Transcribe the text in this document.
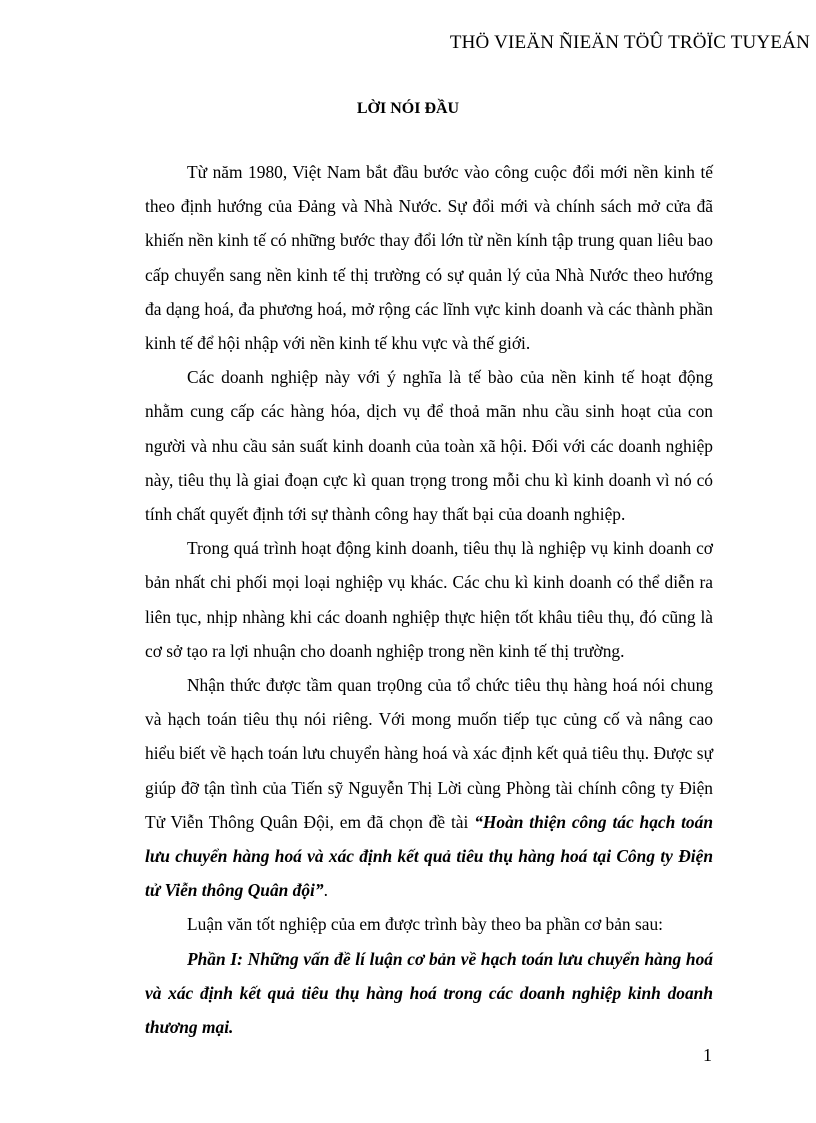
THÖ VIEÄN ÑIEÄN TÖÛ TRÖÏC TUYEÁN
LỜI NÓI ĐẦU

Từ năm 1980, Việt Nam bắt đầu bước vào công cuộc đổi mới nền kinh tế theo định hướng của Đảng và Nhà Nước. Sự đổi mới và chính sách mở cửa đã khiến nền kinh tế có những bước thay đổi lớn từ nền kính tập trung quan liêu bao cấp chuyển sang nền kinh tế thị trường có sự quản lý của Nhà Nước theo hướng đa dạng hoá, đa phương hoá, mở rộng các lĩnh vực kinh doanh và các thành phần kinh tế để hội nhập với nền kinh tế khu vực và thế giới.

Các doanh nghiệp này với ý nghĩa là tế bào của nền kinh tế hoạt động nhằm cung cấp các hàng hóa, dịch vụ để thoả mãn nhu cầu sinh hoạt của con người và nhu cầu sản suất kinh doanh của toàn xã hội. Đối với các doanh nghiệp này, tiêu thụ là giai đoạn cực kì quan trọng trong mỗi chu kì kinh doanh vì nó có tính chất quyết định tới sự thành công hay thất bại của doanh nghiệp.

Trong quá trình hoạt động kinh doanh, tiêu thụ là nghiệp vụ kinh doanh cơ bản nhất chi phối mọi loại nghiệp vụ khác. Các chu kì kinh doanh có thể diễn ra liên tục, nhịp nhàng khi các doanh nghiệp thực hiện tốt khâu tiêu thụ, đó cũng là cơ sở tạo ra lợi nhuận cho doanh nghiệp trong nền kinh tế thị trường.

Nhận thức được tầm quan trọ0ng của tổ chức tiêu thụ hàng hoá nói chung và hạch toán tiêu thụ nói riêng. Với mong muốn tiếp tục củng cố và nâng cao hiểu biết về hạch toán lưu chuyển hàng hoá và xác định kết quả tiêu thụ. Được sự giúp đỡ tận tình của Tiến sỹ Nguyễn Thị Lời cùng Phòng tài chính công ty Điện Tử Viễn Thông Quân Đội, em đã chọn đề tài “Hoàn thiện công tác hạch toán lưu chuyển hàng hoá và xác định kết quả tiêu thụ hàng hoá tại Công ty Điện tử Viễn thông Quân đội”.

Luận văn tốt nghiệp của em được trình bày theo ba phần cơ bản sau:

Phần I: Những vấn đề lí luận cơ bản về hạch toán lưu chuyển hàng hoá và xác định kết quả tiêu thụ hàng hoá trong các doanh nghiệp kinh doanh thương mại.

1
